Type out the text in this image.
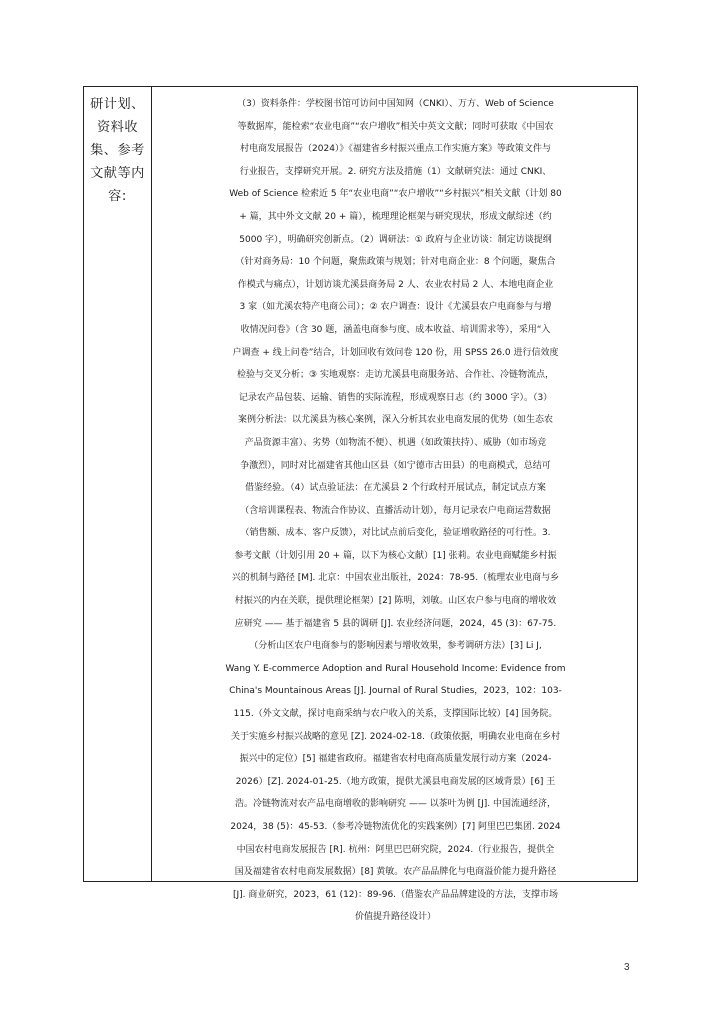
研计划、
资料收
集、参考
文献等内
容:
（3）资料条件：学校图书馆可访问中国知网（CNKI）、万方、Web of Science
等数据库，能检索“农业电商”“农户增收”相关中英文文献；同时可获取《中国农
村电商发展报告（2024）》《福建省乡村振兴重点工作实施方案》等政策文件与
行业报告，支撑研究开展。2. 研究方法及措施（1）文献研究法：通过 CNKI、
Web of Science 检索近 5 年“农业电商”“农户增收”“乡村振兴”相关文献（计划 80
+ 篇，其中外文文献 20 + 篇），梳理理论框架与研究现状，形成文献综述（约
5000 字），明确研究创新点。（2）调研法：① 政府与企业访谈：制定访谈提纲
（针对商务局：10 个问题，聚焦政策与规划；针对电商企业：8 个问题，聚焦合
作模式与痛点），计划访谈尤溪县商务局 2 人、农业农村局 2 人、本地电商企业
3 家（如尤溪农特产电商公司）；② 农户调查：设计《尤溪县农户电商参与与增
收情况问卷》（含 30 题，涵盖电商参与度、成本收益、培训需求等），采用“入
户调查 + 线上问卷”结合，计划回收有效问卷 120 份，用 SPSS 26.0 进行信效度
检验与交叉分析；③ 实地观察：走访尤溪县电商服务站、合作社、冷链物流点，
记录农产品包装、运输、销售的实际流程，形成观察日志（约 3000 字）。（3）
案例分析法：以尤溪县为核心案例，深入分析其农业电商发展的优势（如生态农
产品资源丰富）、劣势（如物流不便）、机遇（如政策扶持）、威胁（如市场竞
争激烈），同时对比福建省其他山区县（如宁德市古田县）的电商模式，总结可
借鉴经验。（4）试点验证法：在尤溪县 2 个行政村开展试点，制定试点方案
（含培训课程表、物流合作协议、直播活动计划），每月记录农户电商运营数据
（销售额、成本、客户反馈），对比试点前后变化，验证增收路径的可行性。3.
参考文献（计划引用 20 + 篇，以下为核心文献）[1] 张莉。农业电商赋能乡村振
兴的机制与路径 [M]. 北京：中国农业出版社，2024：78-95.（梳理农业电商与乡
村振兴的内在关联，提供理论框架）[2] 陈明，刘敏。山区农户参与电商的增收效
应研究 —— 基于福建省 5 县的调研 [J]. 农业经济问题，2024，45 (3)：67-75.
（分析山区农户电商参与的影响因素与增收效果，参考调研方法）[3] Li J,
Wang Y. E-commerce Adoption and Rural Household Income: Evidence from
China's Mountainous Areas [J]. Journal of Rural Studies，2023，102：103-
115.（外文文献，探讨电商采纳与农户收入的关系，支撑国际比较）[4] 国务院。
关于实施乡村振兴战略的意见 [Z]. 2024-02-18.（政策依据，明确农业电商在乡村
振兴中的定位）[5] 福建省政府。福建省农村电商高质量发展行动方案（2024-
2026）[Z]. 2024-01-25.（地方政策，提供尤溪县电商发展的区域背景）[6] 王
浩。冷链物流对农产品电商增收的影响研究 —— 以茶叶为例 [J]. 中国流通经济，
2024，38 (5)：45-53.（参考冷链物流优化的实践案例）[7] 阿里巴巴集团. 2024
中国农村电商发展报告 [R]. 杭州：阿里巴巴研究院，2024.（行业报告，提供全
国及福建省农村电商发展数据）[8] 黄敏。农产品品牌化与电商溢价能力提升路径
[J]. 商业研究，2023，61 (12)：89-96.（借鉴农产品品牌建设的方法，支撑市场
价值提升路径设计）
3
